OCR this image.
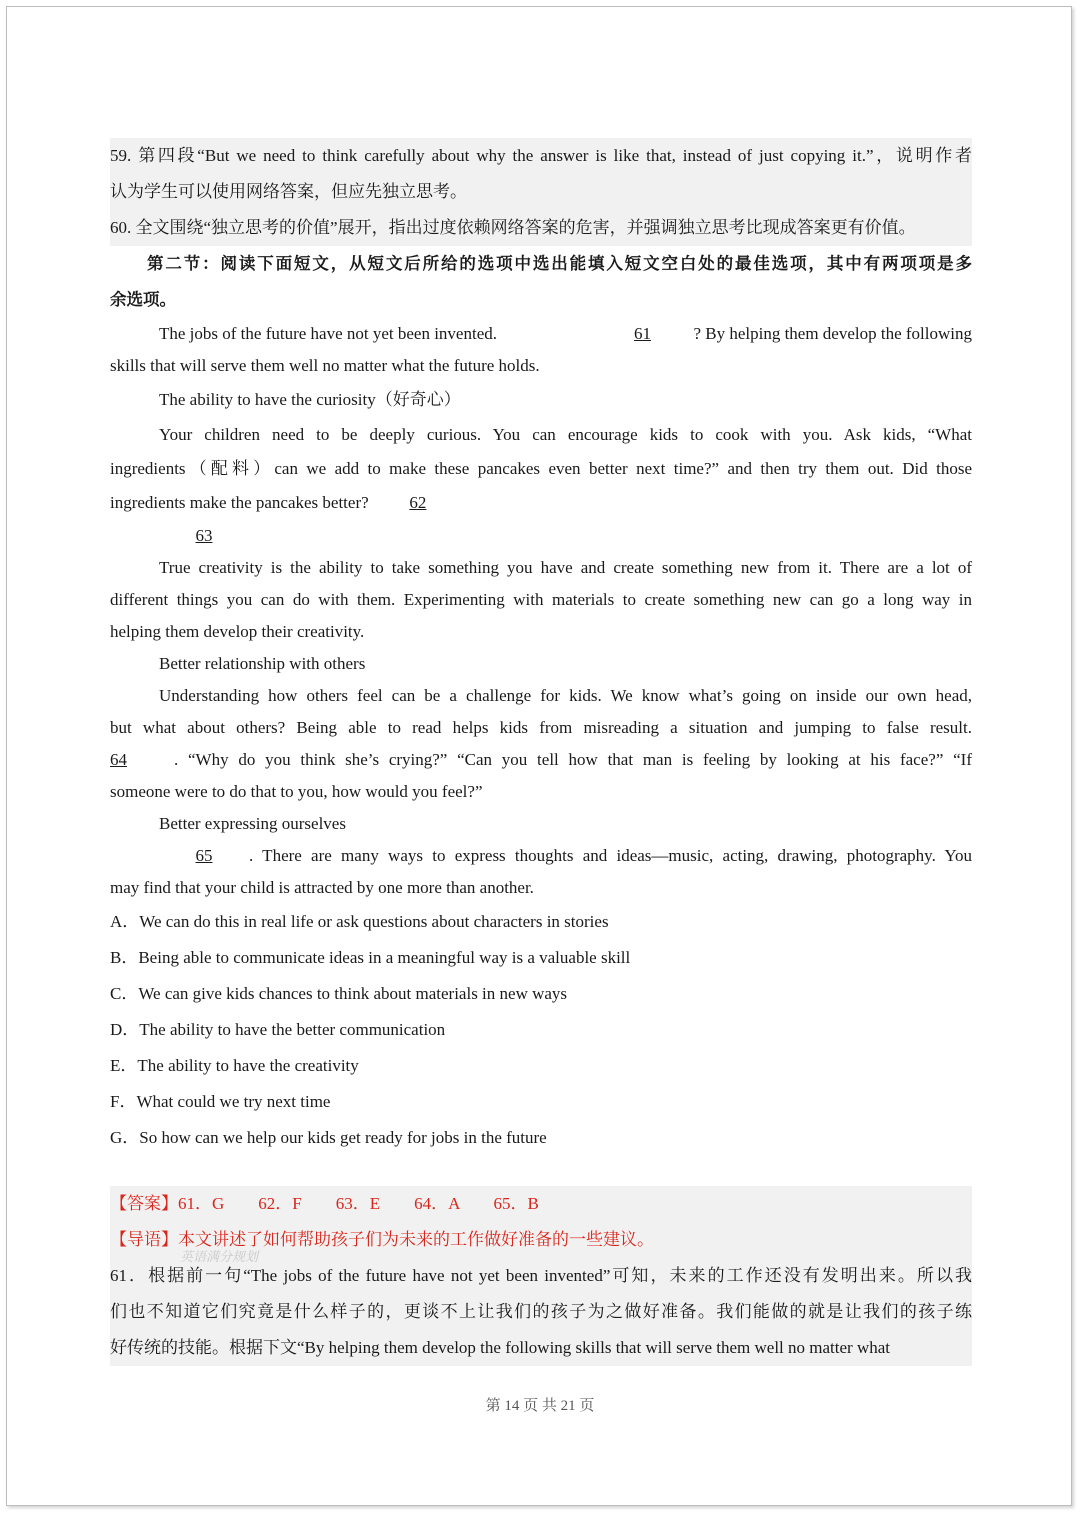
59. 第四段“But we need to think carefully about why the answer is like that, instead of just copying it.”，说明作者
认为学生可以使用网络答案，但应先独立思考。
60. 全文围绕“独立思考的价值”展开，指出过度依赖网络答案的危害，并强调独立思考比现成答案更有价值。
第二节：阅读下面短文，从短文后所给的选项中选出能填入短文空白处的最佳选项，其中有两项项是多
余选项。
The jobs of the future have not yet been invented.	61	? By helping them develop the following
skills that will serve them well no matter what the future holds.
The ability to have the curiosity（好奇心）
Your children need to be deeply curious. You can encourage kids to cook with you. Ask kids, “What
ingredients（配料）can we add to make these pancakes even better next time?” and then try them out. Did those
ingredients make the pancakes better? 62
63
True creativity is the ability to take something you have and create something new from it. There are a lot of
different things you can do with them. Experimenting with materials to create something new can go a long way in
helping them develop their creativity.
Better relationship with others
Understanding how others feel can be a challenge for kids. We know what’s going on inside our own head,
but what about others? Being able to read helps kids from misreading a situation and jumping to false result.
64	. “Why do you think she’s crying?” “Can you tell how that man is feeling by looking at his face?” “If
someone were to do that to you, how would you feel?”
Better expressing ourselves
65	. There are many ways to express thoughts and ideas—music, acting, drawing, photography. You
may find that your child is attracted by one more than another.
A．We can do this in real life or ask questions about characters in stories
B．Being able to communicate ideas in a meaningful way is a valuable skill
C．We can give kids chances to think about materials in new ways
D．The ability to have the better communication
E．The ability to have the creativity
F．What could we try next time
G．So how can we help our kids get ready for jobs in the future
【答案】61．G　　62．F　　63．E　　64．A　　65．B
【导语】本文讲述了如何帮助孩子们为未来的工作做好准备的一些建议。
61．根据前一句“The jobs of the future have not yet been invented”可知，未来的工作还没有发明出来。所以我
们也不知道它们究竟是什么样子的，更谈不上让我们的孩子为之做好准备。我们能做的就是让我们的孩子练
好传统的技能。根据下文“By helping them develop the following skills that will serve them well no matter what
英语满分规划
第 14 页 共 21 页
